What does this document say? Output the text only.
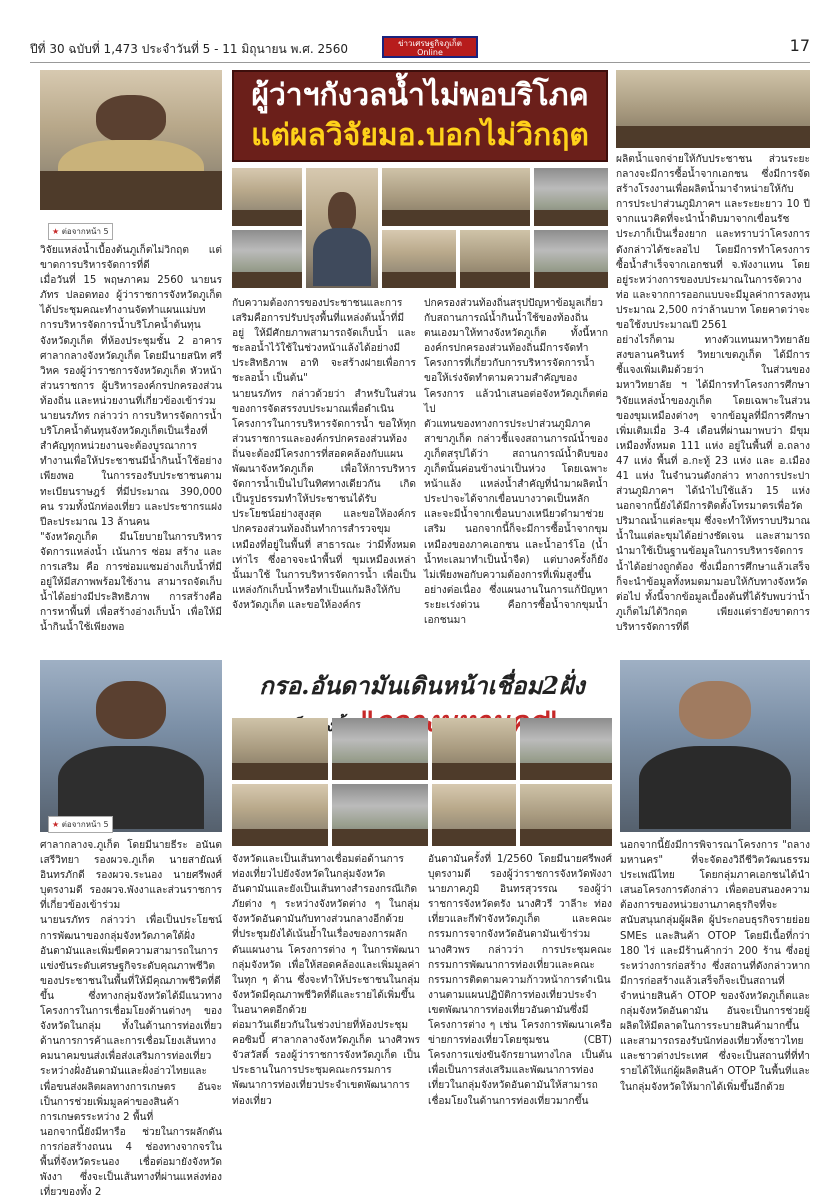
ปีที่ 30 ฉบับที่ 1,473 ประจำวันที่ 5 - 11 มิถุนายน พ.ศ. 2560	ข่าวเศรษฐกิจภูเก็ต Online	17
★ ต่อจากหน้า 5
ผู้ว่าฯกังวลน้ำไม่พอบริโภค
แต่ผลวิจัยมอ.บอกไม่วิกฤต
วิจัยแหล่งน้ำเบื้องต้นภูเก็ตไม่วิกฤต แต่ขาดการบริหารจัดการที่ดี
เมื่อวันที่ 15 พฤษภาคม 2560 นายนรภัทร ปลอดทอง ผู้ว่าราชการจังหวัดภูเก็ต ได้ประชุมคณะทำงานจัดทำแผนแม่บท การบริหารจัดการน้ำบริโภคน้ำต้นทุนจังหวัดภูเก็ต ที่ห้องประชุมชั้น 2 อาคารศาลากลางจังหวัดภูเก็ต โดยมีนายสนิท ศรีวิหค รองผู้ว่าราชการจังหวัดภูเก็ต หัวหน้าส่วนราชการ ผู้บริหารองค์กรปกครองส่วนท้องถิ่น และหน่วยงานที่เกี่ยวข้องเข้าร่วม
นายนรภัทร กล่าวว่า การบริหารจัดการน้ำบริโภคน้ำต้นทุนจังหวัดภูเก็ตเป็นเรื่องที่สำคัญทุกหน่วยงานจะต้องบูรณาการทำงานเพื่อให้ประชาชนมีน้ำกินน้ำใช้อย่างเพียงพอ ในการรองรับประชาชนตามทะเบียนราษฎร์ ที่มีประมาณ 390,000 คน รวมทั้งนักท่องเที่ยว และประชากรแฝงปีละประมาณ 13 ล้านคน
"จังหวัดภูเก็ต มีนโยบายในการบริหารจัดการแหล่งน้ำ เน้นการ ซ่อม สร้าง และการเสริม คือ การซ่อมแซมอ่างเก็บน้ำที่มีอยู่ให้มีสภาพพร้อมใช้งาน สามารถจัดเก็บน้ำได้อย่างมีประสิทธิภาพ การสร้างคือ การหาพื้นที่ เพื่อสร้างอ่างเก็บน้ำ เพื่อให้มีน้ำกินน้ำใช้เพียงพอ
กับความต้องการของประชาชนและการเสริมคือการปรับปรุงพื้นที่แหล่งต้นน้ำที่มีอยู่ ให้มีศักยภาพสามารถจัดเก็บน้ำ และชะลอน้ำไว้ใช้ในช่วงหน้าแล้งได้อย่างมีประสิทธิภาพ อาทิ จะสร้างฝายเพื่อการชะลอน้ำ เป็นต้น"
นายนรภัทร กล่าวด้วยว่า สำหรับในส่วนของการจัดสรรงบประมาณเพื่อดำเนินโครงการในการบริหารจัดการน้ำ ขอให้ทุกส่วนราชการและองค์กรปกครองส่วนท้องถิ่นจะต้องมีโครงการที่สอดคล้องกับแผนพัฒนาจังหวัดภูเก็ต เพื่อให้การบริหารจัดการน้ำเป็นไปในทิศทางเดียวกัน เกิดเป็นรูปธรรมทำให้ประชาชนได้รับประโยชน์อย่างสูงสุด และขอให้องค์กรปกครองส่วนท้องถิ่นทำการสำรวจขุมเหมืองที่อยู่ในพื้นที่ สาธารณะ ว่ามีทั้งหมดเท่าไร ซึ่งอาจจะนำพื้นที่ ขุมเหมืองเหล่านั้นมาใช้ ในการบริหารจัดการน้ำ เพื่อเป็นแหล่งกักเก็บน้ำหรือทำเป็นแก้มลิงให้กับจังหวัดภูเก็ต และขอให้องค์กร
ปกครองส่วนท้องถิ่นสรุปปัญหาข้อมูลเกี่ยวกับสถานการณ์น้ำกินน้ำใช้ของท้องถิ่นตนเองมาให้ทางจังหวัดภูเก็ต ทั้งนี้หากองค์กรปกครองส่วนท้องถิ่นมีการจัดทำโครงการที่เกี่ยวกับการบริหารจัดการน้ำ ขอให้เร่งจัดทำตามความสำคัญของโครงการ แล้วนำเสนอต่อจังหวัดภูเก็ตต่อไป
ตัวแทนของทางการประปาส่วนภูมิภาค สาขาภูเก็ต กล่าวชี้แจงสถานการณ์น้ำของภูเก็ตสรุปได้ว่า สถานการณ์น้ำดิบของภูเก็ตนั้นค่อนข้างน่าเป็นห่วง โดยเฉพาะหน้าแล้ง แหล่งน้ำสำคัญที่นำมาผลิตน้ำประปาจะได้จากเขื่อนบางวาดเป็นหลัก และจะมีน้ำจากเขื่อนบางเหนียวดำมาช่วยเสริม นอกจากนี้ก็จะมีการซื้อน้ำจากขุมเหมืองของภาคเอกชน และน้ำอาร์โอ (น้ำน้ำทะเลมาทำเป็นน้ำจืด) แต่บางครั้งก็ยังไม่เพียงพอกับความต้องการที่เพิ่มสูงขึ้นอย่างต่อเนื่อง ซึ่งแผนงานในการแก้ปัญหาระยะเร่งด่วน คือการซื้อน้ำจากขุมน้ำเอกชนมา
ผลิตน้ำแจกจ่ายให้กับประชาชน ส่วนระยะกลางจะมีการซื้อน้ำจากเอกชน ซึ่งมีการจัดสร้างโรงงานเพื่อผลิตน้ำมาจำหน่ายให้กับการประปาส่วนภูมิภาคฯ และระยะยาว 10 ปี จากแนวคิดที่จะนำน้ำดิบมาจากเขื่อนรัชประภาก็เป็นเรื่องยาก และทราบว่าโครงการดังกล่าวได้ชะลอไป โดยมีการทำโครงการซื้อน้ำสำเร็จจากเอกชนที่ จ.พังงาแทน โดยอยู่ระหว่างการของบประมาณในการจัดวางท่อ และจากการออกแบบจะมีมูลค่าการลงทุนประมาณ 2,500 กว่าล้านบาท โดยคาดว่าจะขอใช้งบประมาณปี 2561
อย่างไรก็ตาม ทางตัวแทนมหาวิทยาลัยสงขลานครินทร์ วิทยาเขตภูเก็ต ได้มีการชี้แจงเพิ่มเติมด้วยว่า ในส่วนของมหาวิทยาลัย ฯ ได้มีการทำโครงการศึกษาวิจัยแหล่งน้ำของภูเก็ต โดยเฉพาะในส่วนของขุมเหมืองต่างๆ จากข้อมูลที่มีการศึกษาเพิ่มเติมเมื่อ 3-4 เดือนที่ผ่านมาพบว่า มีขุมเหมืองทั้งหมด 111 แห่ง อยู่ในพื้นที่ อ.ถลาง 47 แห่ง พื้นที่ อ.กะทู้ 23 แห่ง และ อ.เมือง 41 แห่ง ในจำนวนดังกล่าว ทางการประปาส่วนภูมิภาคฯ ได้นำไปใช้แล้ว 15 แห่ง นอกจากนี้ยังได้มีการติดตั้งโทรมาตรเพื่อวัดปริมาณน้ำแต่ละขุม ซึ่งจะทำให้ทราบปริมาณน้ำในแต่ละขุมได้อย่างชัดเจน และสามารถนำมาใช้เป็นฐานข้อมูลในการบริหารจัดการน้ำได้อย่างถูกต้อง ซึ่งเมื่อการศึกษาแล้วเสร็จก็จะนำข้อมูลทั้งหมดมามอบให้กับทางจังหวัดต่อไป ทั้งนี้จากข้อมูลเบื้องต้นที่ได้รับพบว่าน้ำภูเก็ตไม่ได้วิกฤต เพียงแต่รายังขาดการบริหารจัดการที่ดี
★ ต่อจากหน้า 5
กรอ.อันดามันเดินหน้าเชื่อม2ฝั่ง
ศาลากลางจ.ภูเก็ต โดยมีนายธีระ อนันตเสรีวิทยา รองผวจ.ภูเก็ต นายสายัณห์ อินทรภักดี รองผวจ.ระนอง นายศรีพงศ์ บุตรงามดี รองผวจ.พังงาและส่วนราชการที่เกี่ยวข้องเข้าร่วม
นายนรภัทร กล่าวว่า เพื่อเป็นประโยชน์การพัฒนาของกลุ่มจังหวัดภาคใต้ฝั่งอันดามันและเพิ่มขีดความสามารถในการแข่งขันระดับเศรษฐกิจระดับคุณภาพชีวิตของประชาชนในพื้นที่ให้มีคุณภาพชีวิตที่ดีขึ้น ซึ่งทางกลุ่มจังหวัดได้มีแนวทางโครงการในการเชื่อมโยงด้านต่างๆ ของจังหวัดในกลุ่ม ทั้งในด้านการท่องเที่ยว ด้านการการค้าและการเชื่อมโยงเส้นทางคมนาคมขนส่งเพื่อส่งเสริมการท่องเที่ยวระหว่างฝั่งอันดามันและฝั่งอ่าวไทยและเพื่อขนส่งผลิตผลทางการเกษตร อันจะเป็นการช่วยเพิ่มมูลค่าของสินค้าการเกษตรระหว่าง 2 พื้นที่
นอกจากนี้ยังมีหารือ ช่วยในการผลักดันการก่อสร้างถนน 4 ช่องทางจากจรในพื้นที่จังหวัดระนอง เชื่อต่อมายังจังหวัดพังงา ซึ่งจะเป็นเส้นทางที่ผ่านแหล่งท่องเที่ยวของทั้ง 2
จังหวัดและเป็นเส้นทางเชื่อมต่อด้านการท่องเที่ยวไปยังจังหวัดในกลุ่มจังหวัดอันดามันและยังเป็นเส้นทางสำรองกรณีเกิดภัยต่าง ๆ ระหว่างจังหวัดต่าง ๆ ในกลุ่มจังหวัดอันดามันกับทางส่วนกลางอีกด้วย
ที่ประชุมยังได้เน้นย้ำในเรื่องของการผลักดันแผนงาน โครงการต่าง ๆ ในการพัฒนากลุ่มจังหวัด เพื่อให้สอดคล้องและเพิ่มมูลค่าในทุก ๆ ด้าน ซึ่งจะทำให้ประชาชนในกลุ่มจังหวัดมีคุณภาพชีวิตที่ดีและรายได้เพิ่มขึ้นในอนาคตอีกด้วย
ต่อมาวันเดียวกันในช่วงบ่ายที่ห้องประชุมคอซิมบี้ ศาลากลางจังหวัดภูเก็ต นางศิวพร จัวสวัสดิ์ รองผู้ว่าราชการจังหวัดภูเก็ต เป็นประธานในการประชุมคณะกรรมการพัฒนาการท่องเที่ยวประจำเขตพัฒนาการท่องเที่ยว
อันดามันครั้งที่ 1/2560 โดยมีนายศรีพงศ์ บุตรงามดี รองผู้ว่าราชการจังหวัดพังงา นายภาคภูมิ อินทรสุวรรณ รองผู้ว่าราชการจังหวัดตรัง นางศิวรี วาลีาะ ท่องเที่ยวและกีฬาจังหวัดภูเก็ต และคณะกรรมการจากจังหวัดอันดามันเข้าร่วม
นางศิวพร กล่าวว่า การประชุมคณะกรรมการพัฒนาการท่องเที่ยวและคณะกรรมการติดตามความก้าวหน้าการดำเนินงานตามแผนปฏิบัติการท่องเที่ยวประจำเขตพัฒนาการท่องเที่ยวอันดามันซึ่งมีโครงการต่าง ๆ เช่น โครงการพัฒนาเครือข่ายการท่องเที่ยวโดยชุมชน (CBT) โครงการแข่งขันจักรยานทางไกล เป็นต้น เพื่อเป็นการส่งเสริมและพัฒนาการท่องเที่ยวในกลุ่มจังหวัดอันดามันให้สามารถเชื่อมโยงในด้านการท่องเที่ยวมากขึ้น
นอกจากนี้ยังมีการพิจารณาโครงการ "ถลางมหานคร" ที่จะจัดองวิถีชีวิตวัฒนธรรมประเพณีไทย โดยกลุ่มภาคเอกชนได้นำเสนอโครงการดังกล่าว เพื่อตอบสนองความต้องการของหน่วยงานภาคธุรกิจที่จะสนับสนุนกลุ่มผู้ผลิต ผู้ประกอบธุรกิจรายย่อย SMEs และสินค้า OTOP โดยมีเนื้อที่กว่า 180 ไร่ และมีร้านค้ากว่า 200 ร้าน ซึ่งอยู่ระหว่างการก่อสร้าง ซึ่งสถานที่ดังกล่าวหากมีการก่อสร้างแล้วเสร็จก็จะเป็นสถานที่จำหน่ายสินค้า OTOP ของจังหวัดภูเก็ตและกลุ่มจังหวัดอันดามัน อันจะเป็นการช่วยผู้ผลิตให้มีตลาดในการระบายสินค้ามากขึ้น และสามารถรองรับนักท่องเที่ยวทั้งชาวไทยและชาวต่างประเทศ ซึ่งจะเป็นสถานที่ที่ทำรายได้ให้แก่ผู้ผลิตสินค้า OTOP ในพื้นที่และในกลุ่มจังหวัดให้มากได้เพิ่มขึ้นอีกด้วย
